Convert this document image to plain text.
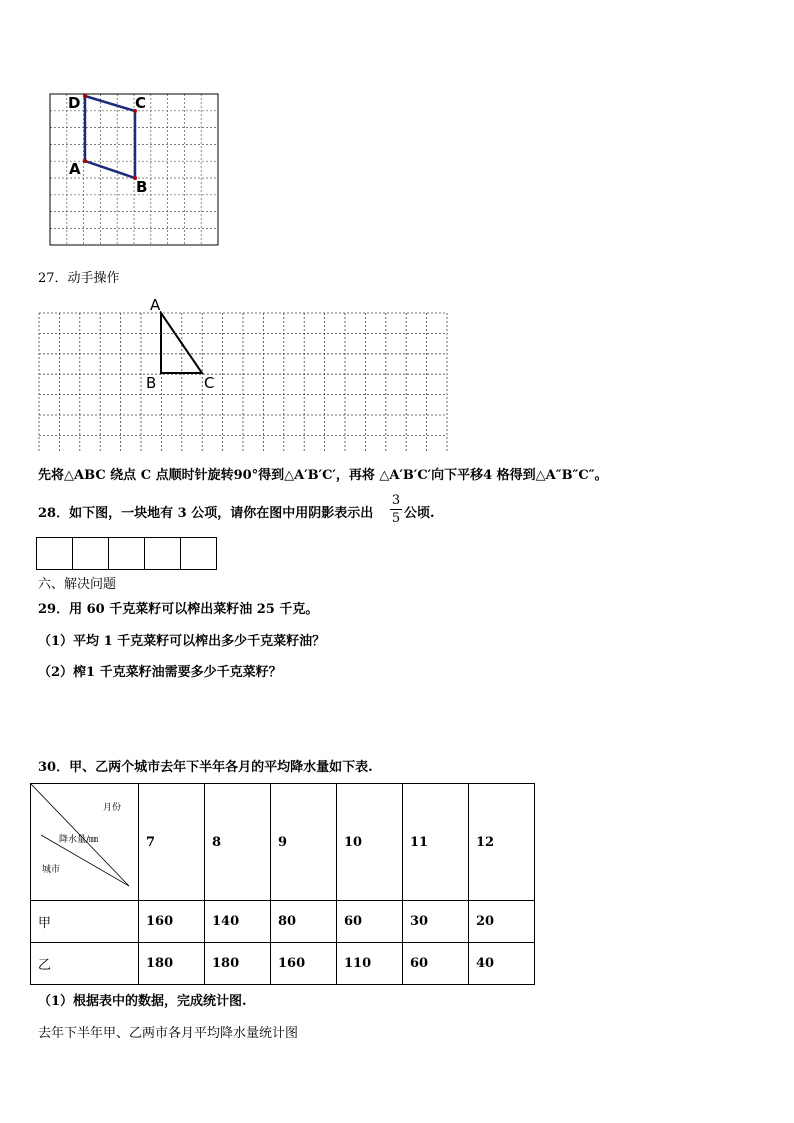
D	C
A
B
27．动手操作
A
B	C
先将△ABC 绕点 C 点顺时针旋转90°得到△A′B′C′，再将 △A′B′C′向下平移4 格得到△A″B″C″。
28．如下图，一块地有 3 公项，请你在图中用阴影表示出
3
5 公顷.
六、解决问题
29．用 60 千克菜籽可以榨出菜籽油 25 千克。
（1）平均 1 千克菜籽可以榨出多少千克菜籽油？
（2）榨1 千克菜籽油需要多少千克菜籽？
30．甲、乙两个城市去年下半年各月的平均降水量如下表.
月份
降水量/㎜
城市	7	8	9	10	11	12
甲	160	140	80	60	30	20
乙	180	180	160	110	60	40
（1）根据表中的数据，完成统计图.
去年下半年甲、乙两市各月平均降水量统计图
